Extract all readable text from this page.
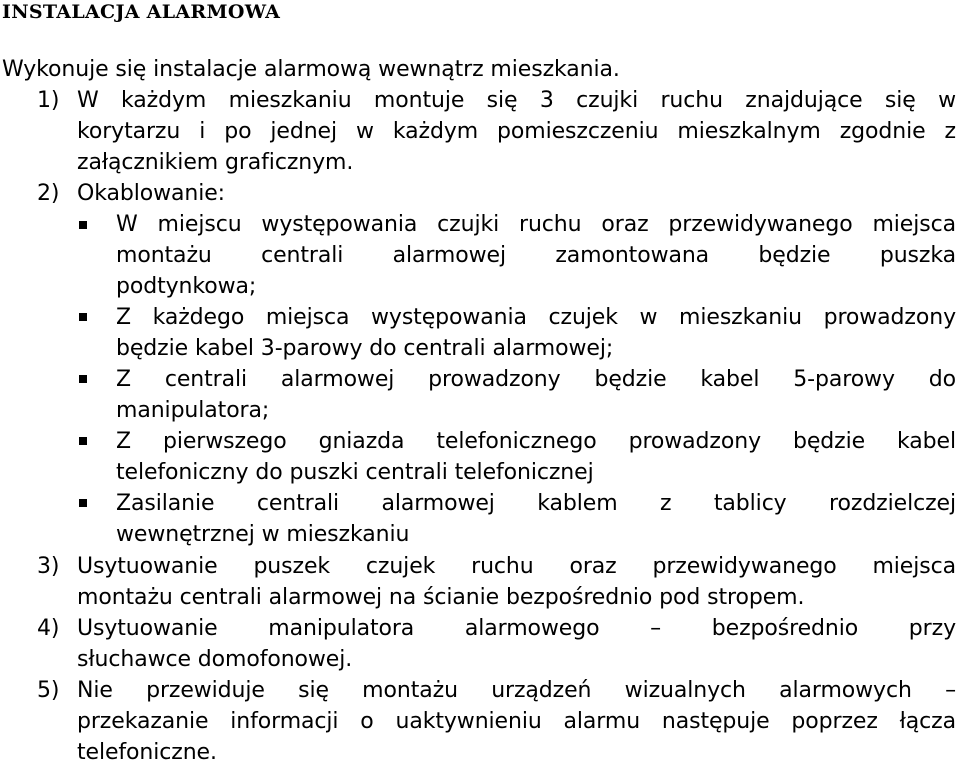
INSTALACJA ALARMOWA
Wykonuje się instalacje alarmową wewnątrz mieszkania.
1) W każdym mieszkaniu montuje się 3 czujki ruchu znajdujące się w
korytarzu i po jednej w każdym pomieszczeniu mieszkalnym zgodnie z
załącznikiem graficznym.
2) Okablowanie:
W miejscu występowania czujki ruchu oraz przewidywanego miejsca
montażu centrali alarmowej zamontowana będzie puszka
podtynkowa;
Z każdego miejsca występowania czujek w mieszkaniu prowadzony
będzie kabel 3-parowy do centrali alarmowej;
Z centrali alarmowej prowadzony będzie kabel 5-parowy do
manipulatora;
Z pierwszego gniazda telefonicznego prowadzony będzie kabel
telefoniczny do puszki centrali telefonicznej
Zasilanie centrali alarmowej kablem z tablicy rozdzielczej
wewnętrznej w mieszkaniu
3) Usytuowanie puszek czujek ruchu oraz przewidywanego miejsca
montażu centrali alarmowej na ścianie bezpośrednio pod stropem.
4) Usytuowanie manipulatora alarmowego – bezpośrednio przy
słuchawce domofonowej.
5) Nie przewiduje się montażu urządzeń wizualnych alarmowych –
przekazanie informacji o uaktywnieniu alarmu następuje poprzez łącza
telefoniczne.
